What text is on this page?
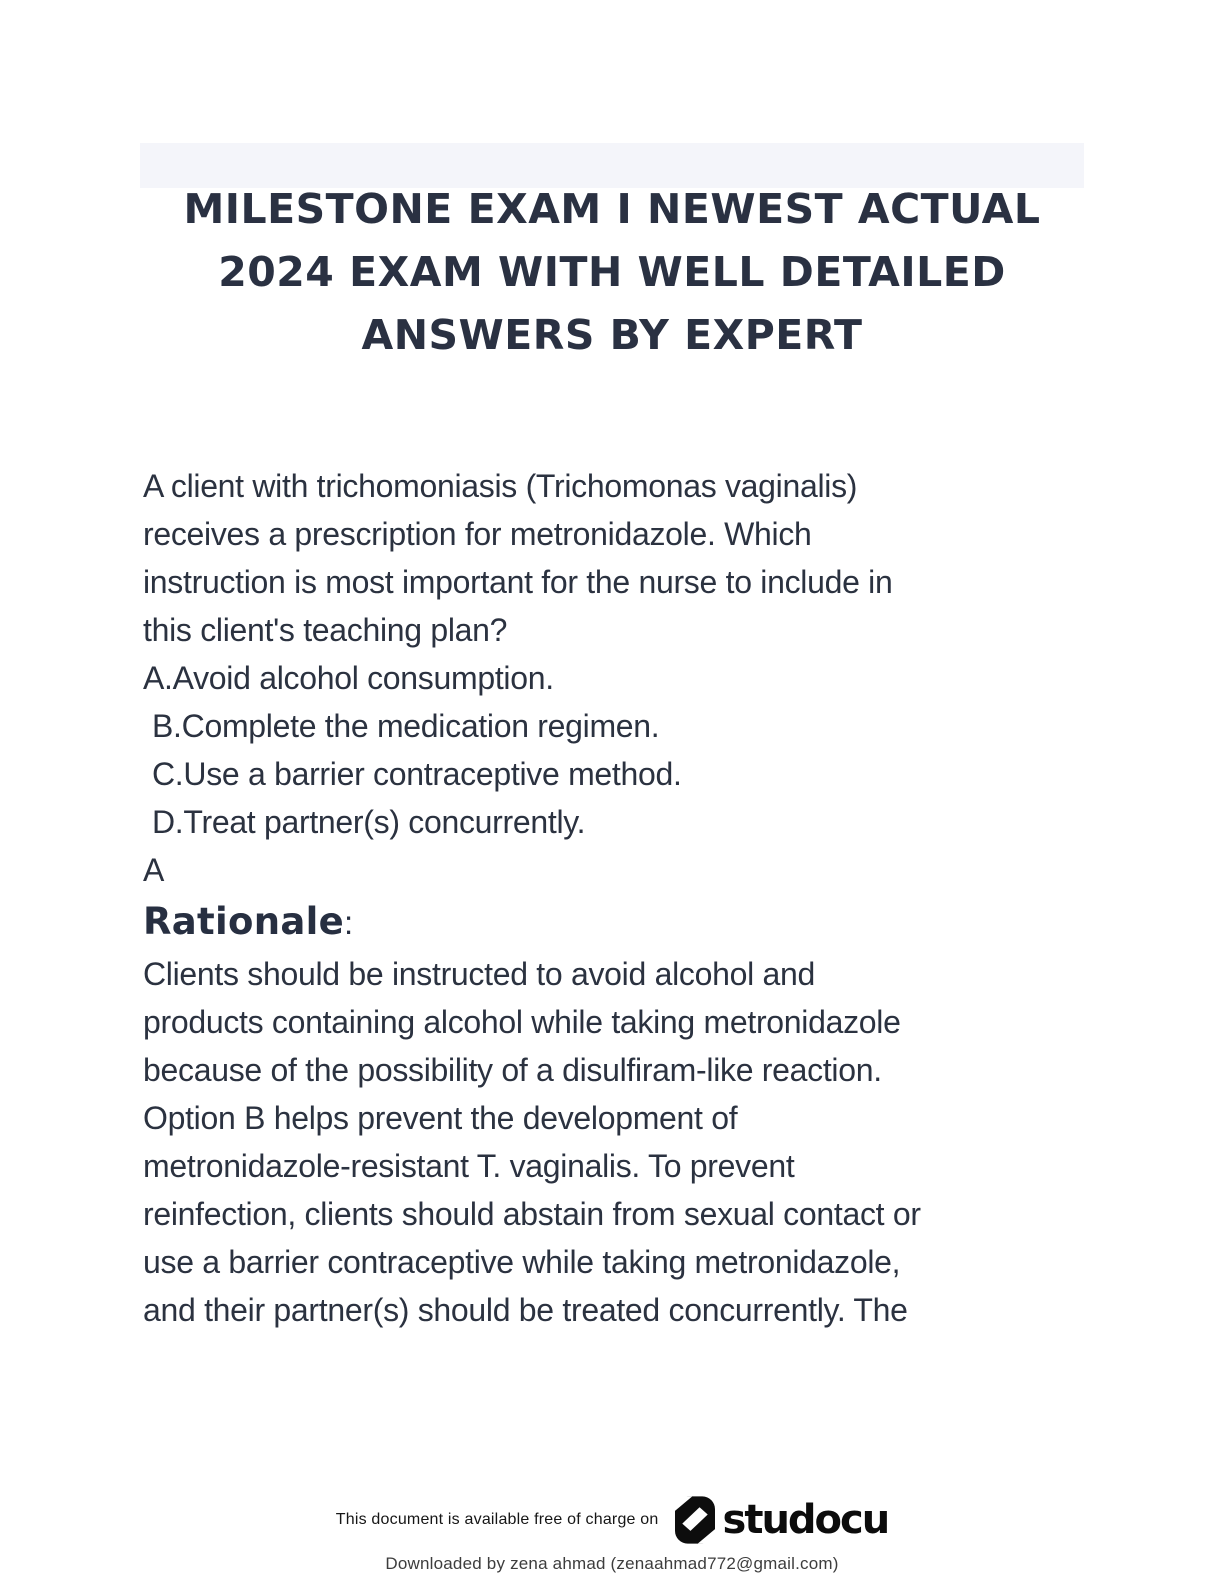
MILESTONE EXAM I NEWEST ACTUAL
2024 EXAM WITH WELL DETAILED
ANSWERS BY EXPERT
A client with trichomoniasis (Trichomonas vaginalis)
receives a prescription for metronidazole. Which
instruction is most important for the nurse to include in
this client's teaching plan?
A.Avoid alcohol consumption.
B.Complete the medication regimen.
C.Use a barrier contraceptive method.
D.Treat partner(s) concurrently.
A
Rationale:
Clients should be instructed to avoid alcohol and
products containing alcohol while taking metronidazole
because of the possibility of a disulfiram-like reaction.
Option B helps prevent the development of
metronidazole-resistant T. vaginalis. To prevent
reinfection, clients should abstain from sexual contact or
use a barrier contraceptive while taking metronidazole,
and their partner(s) should be treated concurrently. The
This document is available free of charge on studocu
Downloaded by zena ahmad (zenaahmad772@gmail.com)
